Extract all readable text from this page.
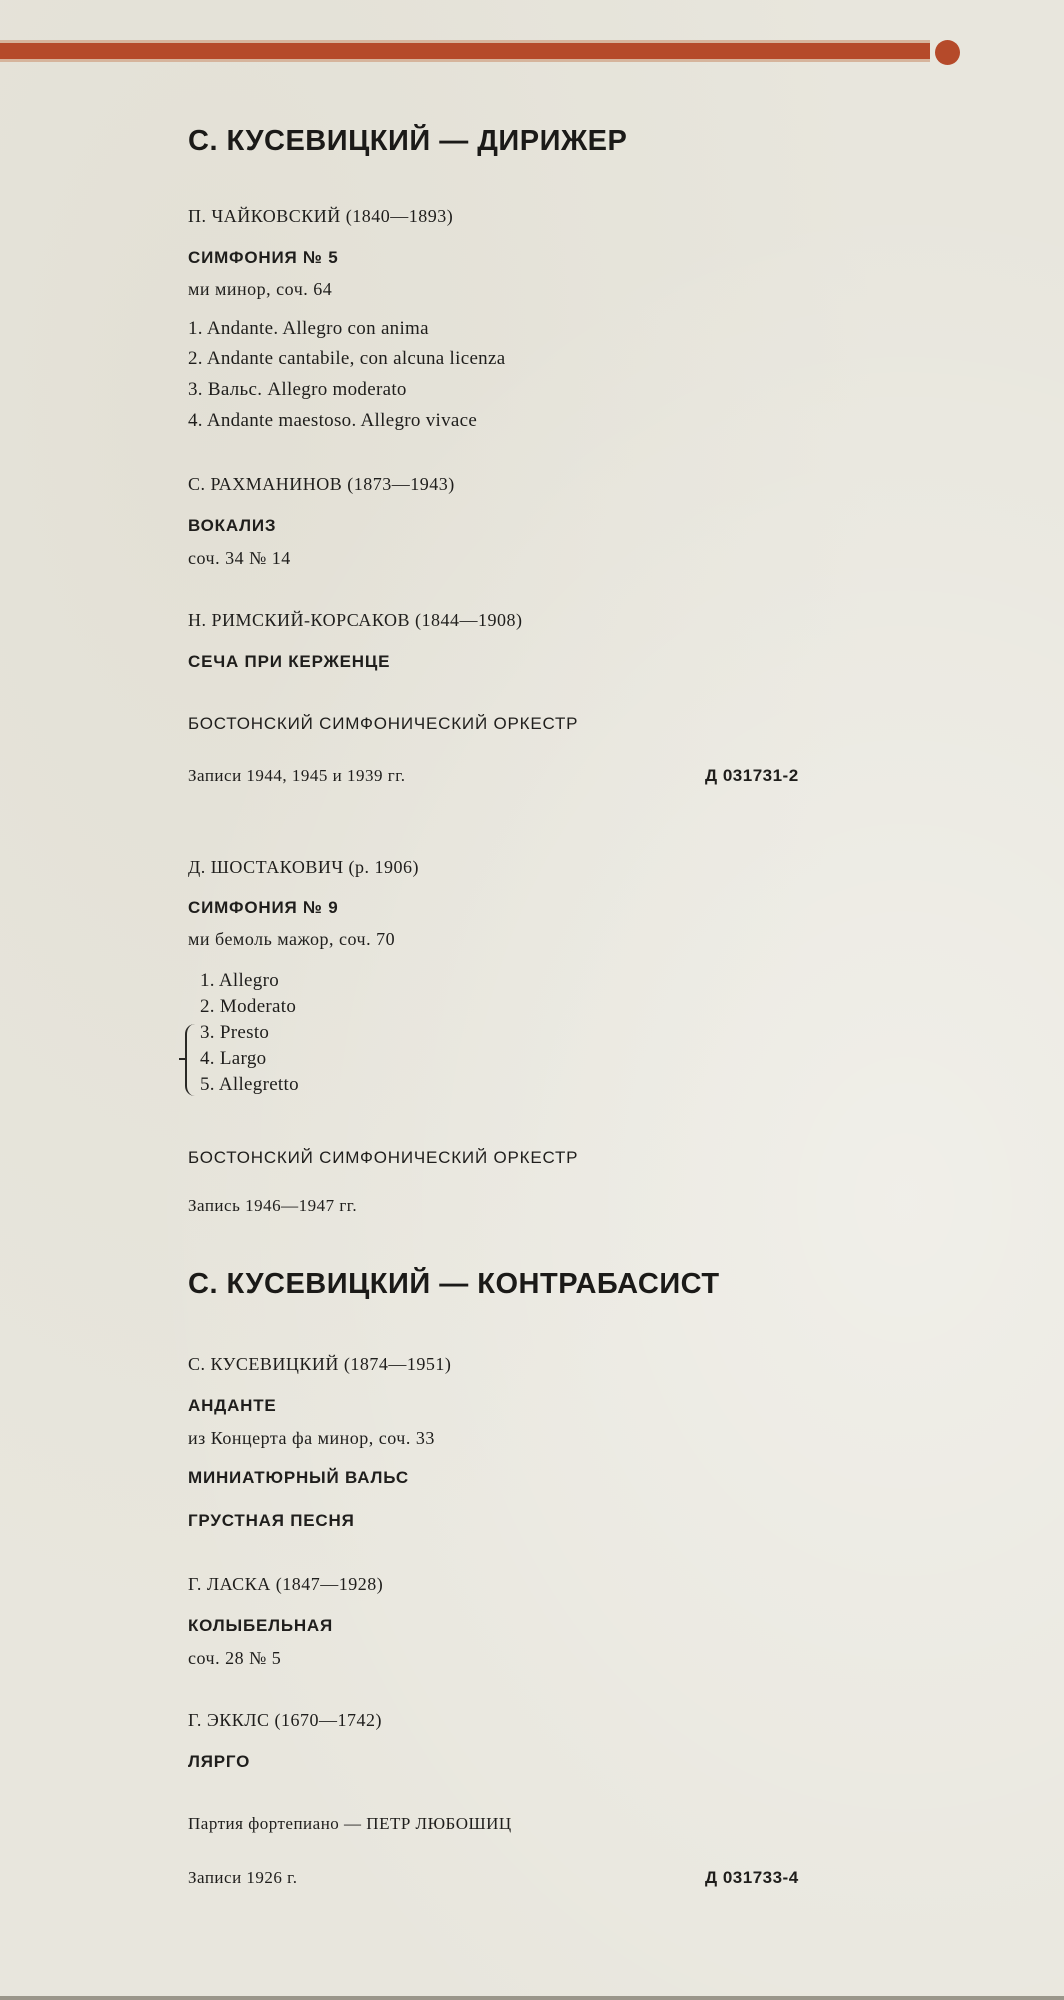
С. КУСЕВИЦКИЙ — ДИРИЖЕР
П. ЧАЙКОВСКИЙ (1840—1893)
СИМФОНИЯ № 5
ми минор, соч. 64
1. Andante. Allegro con anima
2. Andante cantabile, con alcuna licenza
3. Вальс. Allegro moderato
4. Andante maestoso. Allegro vivace
С. РАХМАНИНОВ (1873—1943)
ВОКАЛИЗ
соч. 34 № 14
Н. РИМСКИЙ-КОРСАКОВ (1844—1908)
СЕЧА ПРИ КЕРЖЕНЦЕ
БОСТОНСКИЙ СИМФОНИЧЕСКИЙ ОРКЕСТР
Записи 1944, 1945 и 1939 гг.	Д 031731-2
Д. ШОСТАКОВИЧ (р. 1906)
СИМФОНИЯ № 9
ми бемоль мажор, соч. 70
1. Allegro
2. Moderato
3. Presto
4. Largo
5. Allegretto
БОСТОНСКИЙ СИМФОНИЧЕСКИЙ ОРКЕСТР
Запись 1946—1947 гг.
С. КУСЕВИЦКИЙ — КОНТРАБАСИСТ
С. КУСЕВИЦКИЙ (1874—1951)
АНДАНТЕ
из Концерта фа минор, соч. 33
МИНИАТЮРНЫЙ ВАЛЬС
ГРУСТНАЯ ПЕСНЯ
Г. ЛАСКА (1847—1928)
КОЛЫБЕЛЬНАЯ
соч. 28 № 5
Г. ЭККЛС (1670—1742)
ЛЯРГО
Партия фортепиано — ПЕТР ЛЮБОШИЦ
Записи 1926 г.	Д 031733-4
